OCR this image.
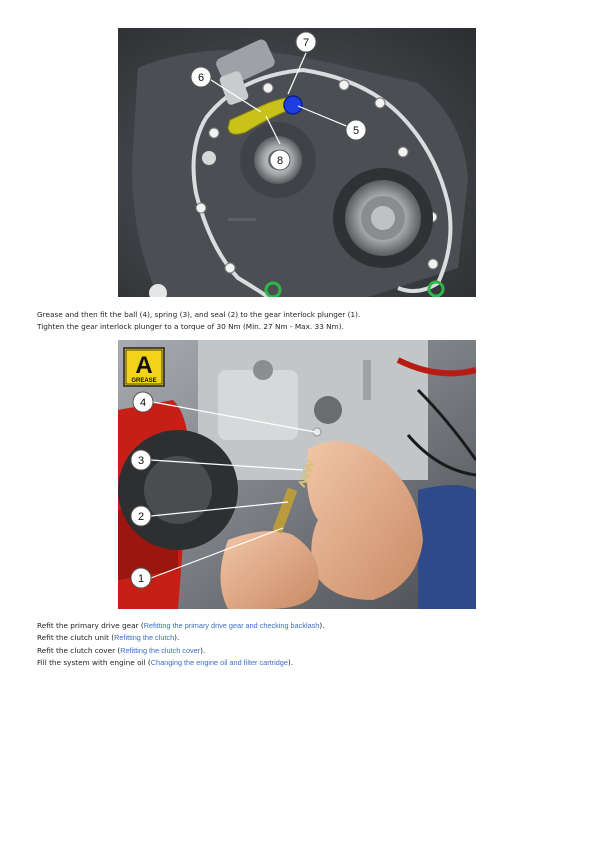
7
6
5
8

Grease and then fit the ball (4), spring (3), and seal (2) to the gear interlock plunger (1).
Tighten the gear interlock plunger to a torque of 30 Nm (Min. 27 Nm - Max. 33 Nm).

A
GREASE
4
3
2
1

Refit the primary drive gear (Refitting the primary drive gear and checking backlash).
Refit the clutch unit (Refitting the clutch).
Refit the clutch cover (Refitting the clutch cover).
Fill the system with engine oil (Changing the engine oil and filter cartridge).
